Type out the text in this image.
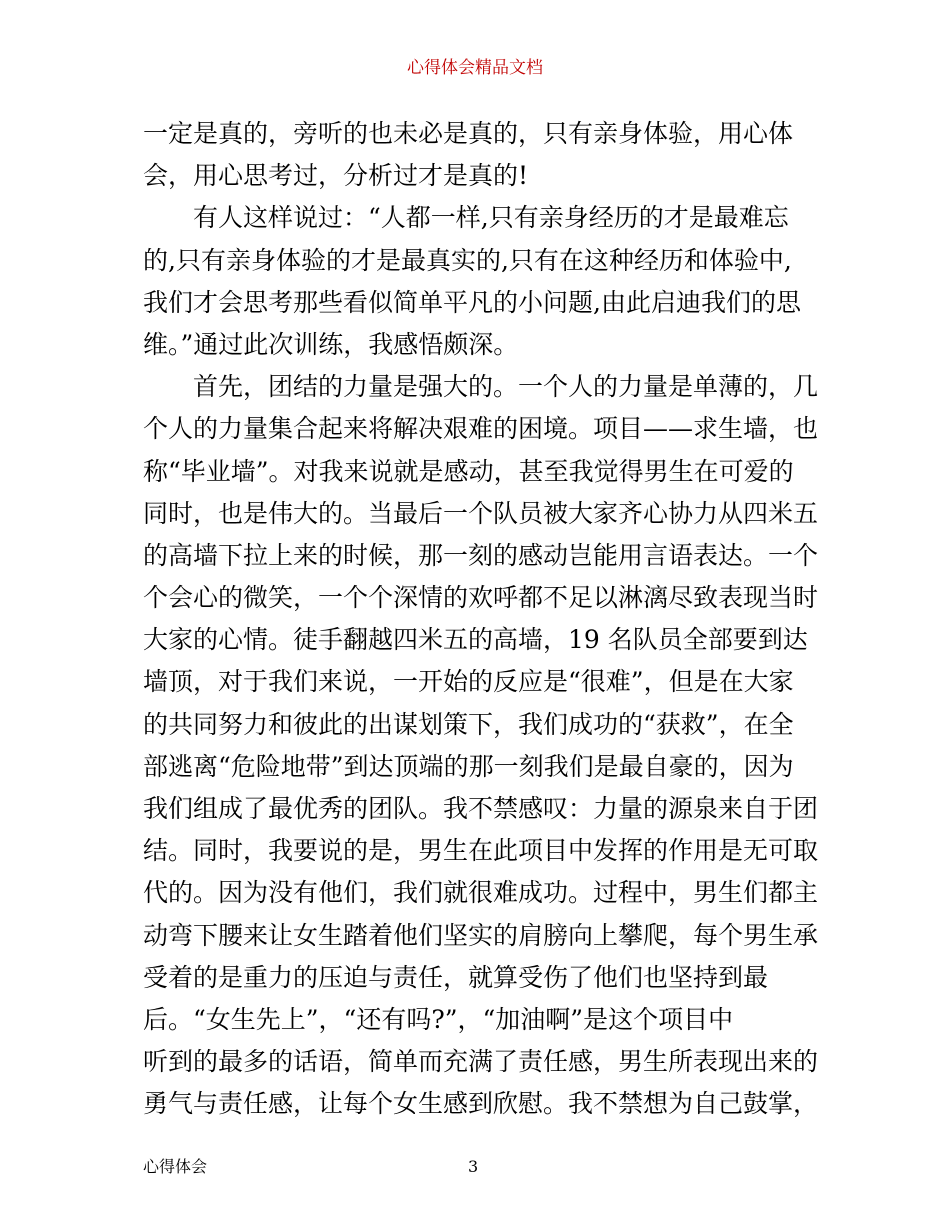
心得体会精品文档
一定是真的，旁听的也未必是真的，只有亲身体验，用心体
会，用心思考过，分析过才是真的!
　　有人这样说过：“人都一样,只有亲身经历的才是最难忘
的,只有亲身体验的才是最真实的,只有在这种经历和体验中,
我们才会思考那些看似简单平凡的小问题,由此启迪我们的思
维。”通过此次训练，我感悟颇深。
　　首先，团结的力量是强大的。一个人的力量是单薄的，几
个人的力量集合起来将解决艰难的困境。项目——求生墙，也
称“毕业墙”。对我来说就是感动，甚至我觉得男生在可爱的
同时，也是伟大的。当最后一个队员被大家齐心协力从四米五
的高墙下拉上来的时候，那一刻的感动岂能用言语表达。一个
个会心的微笑，一个个深情的欢呼都不足以淋漓尽致表现当时
大家的心情。徒手翻越四米五的高墙，19 名队员全部要到达
墙顶，对于我们来说，一开始的反应是“很难”，但是在大家
的共同努力和彼此的出谋划策下，我们成功的“获救”，在全
部逃离“危险地带”到达顶端的那一刻我们是最自豪的，因为
我们组成了最优秀的团队。我不禁感叹：力量的源泉来自于团
结。同时，我要说的是，男生在此项目中发挥的作用是无可取
代的。因为没有他们，我们就很难成功。过程中，男生们都主
动弯下腰来让女生踏着他们坚实的肩膀向上攀爬，每个男生承
受着的是重力的压迫与责任，就算受伤了他们也坚持到最
后。“女生先上”，“还有吗?”，“加油啊”是这个项目中
听到的最多的话语，简单而充满了责任感，男生所表现出来的
勇气与责任感，让每个女生感到欣慰。我不禁想为自己鼓掌，
心得体会	3
